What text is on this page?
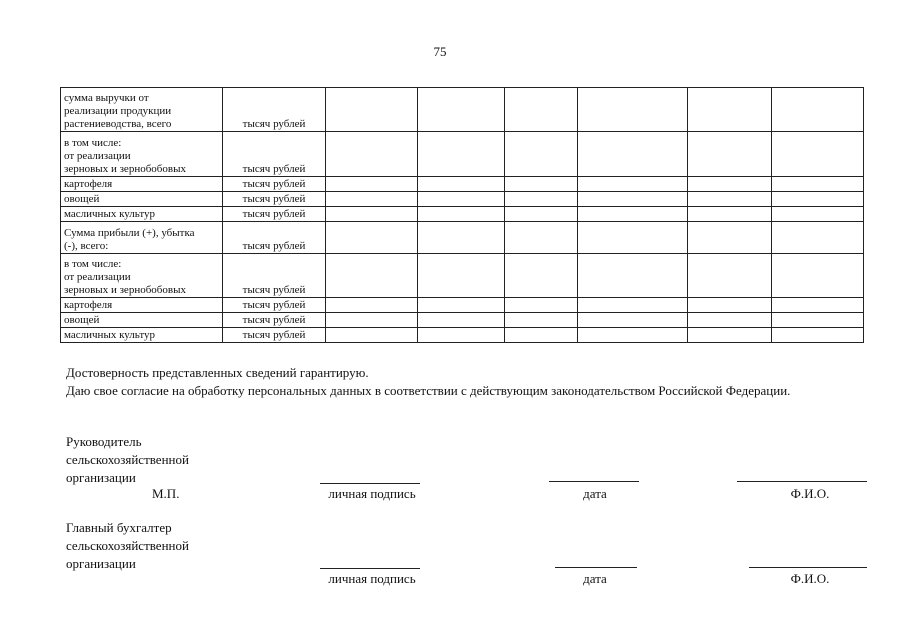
75
сумма выручки от
реализации продукции
растениеводства, всего	тысяч рублей						

в том числе:
от реализации
зерновых и зернобобовых	тысяч рублей						

картофеля	тысяч рублей						

овощей	тысяч рублей						

масличных культур	тысяч рублей						

Сумма прибыли (+), убытка
(-), всего:	тысяч рублей						

в том числе:
от реализации
зерновых и зернобобовых	тысяч рублей						

картофеля	тысяч рублей						

овощей	тысяч рублей						

масличных культур	тысяч рублей						

Достоверность представленных сведений гарантирую.

Даю свое согласие на обработку персональных данных в соответствии с действующим законодательством Российской Федерации.

Руководитель
сельскохозяйственной
организации
М.П.	личная подпись	дата	Ф.И.О.
Главный бухгалтер
сельскохозяйственной
организации
личная подпись	дата	Ф.И.О.
